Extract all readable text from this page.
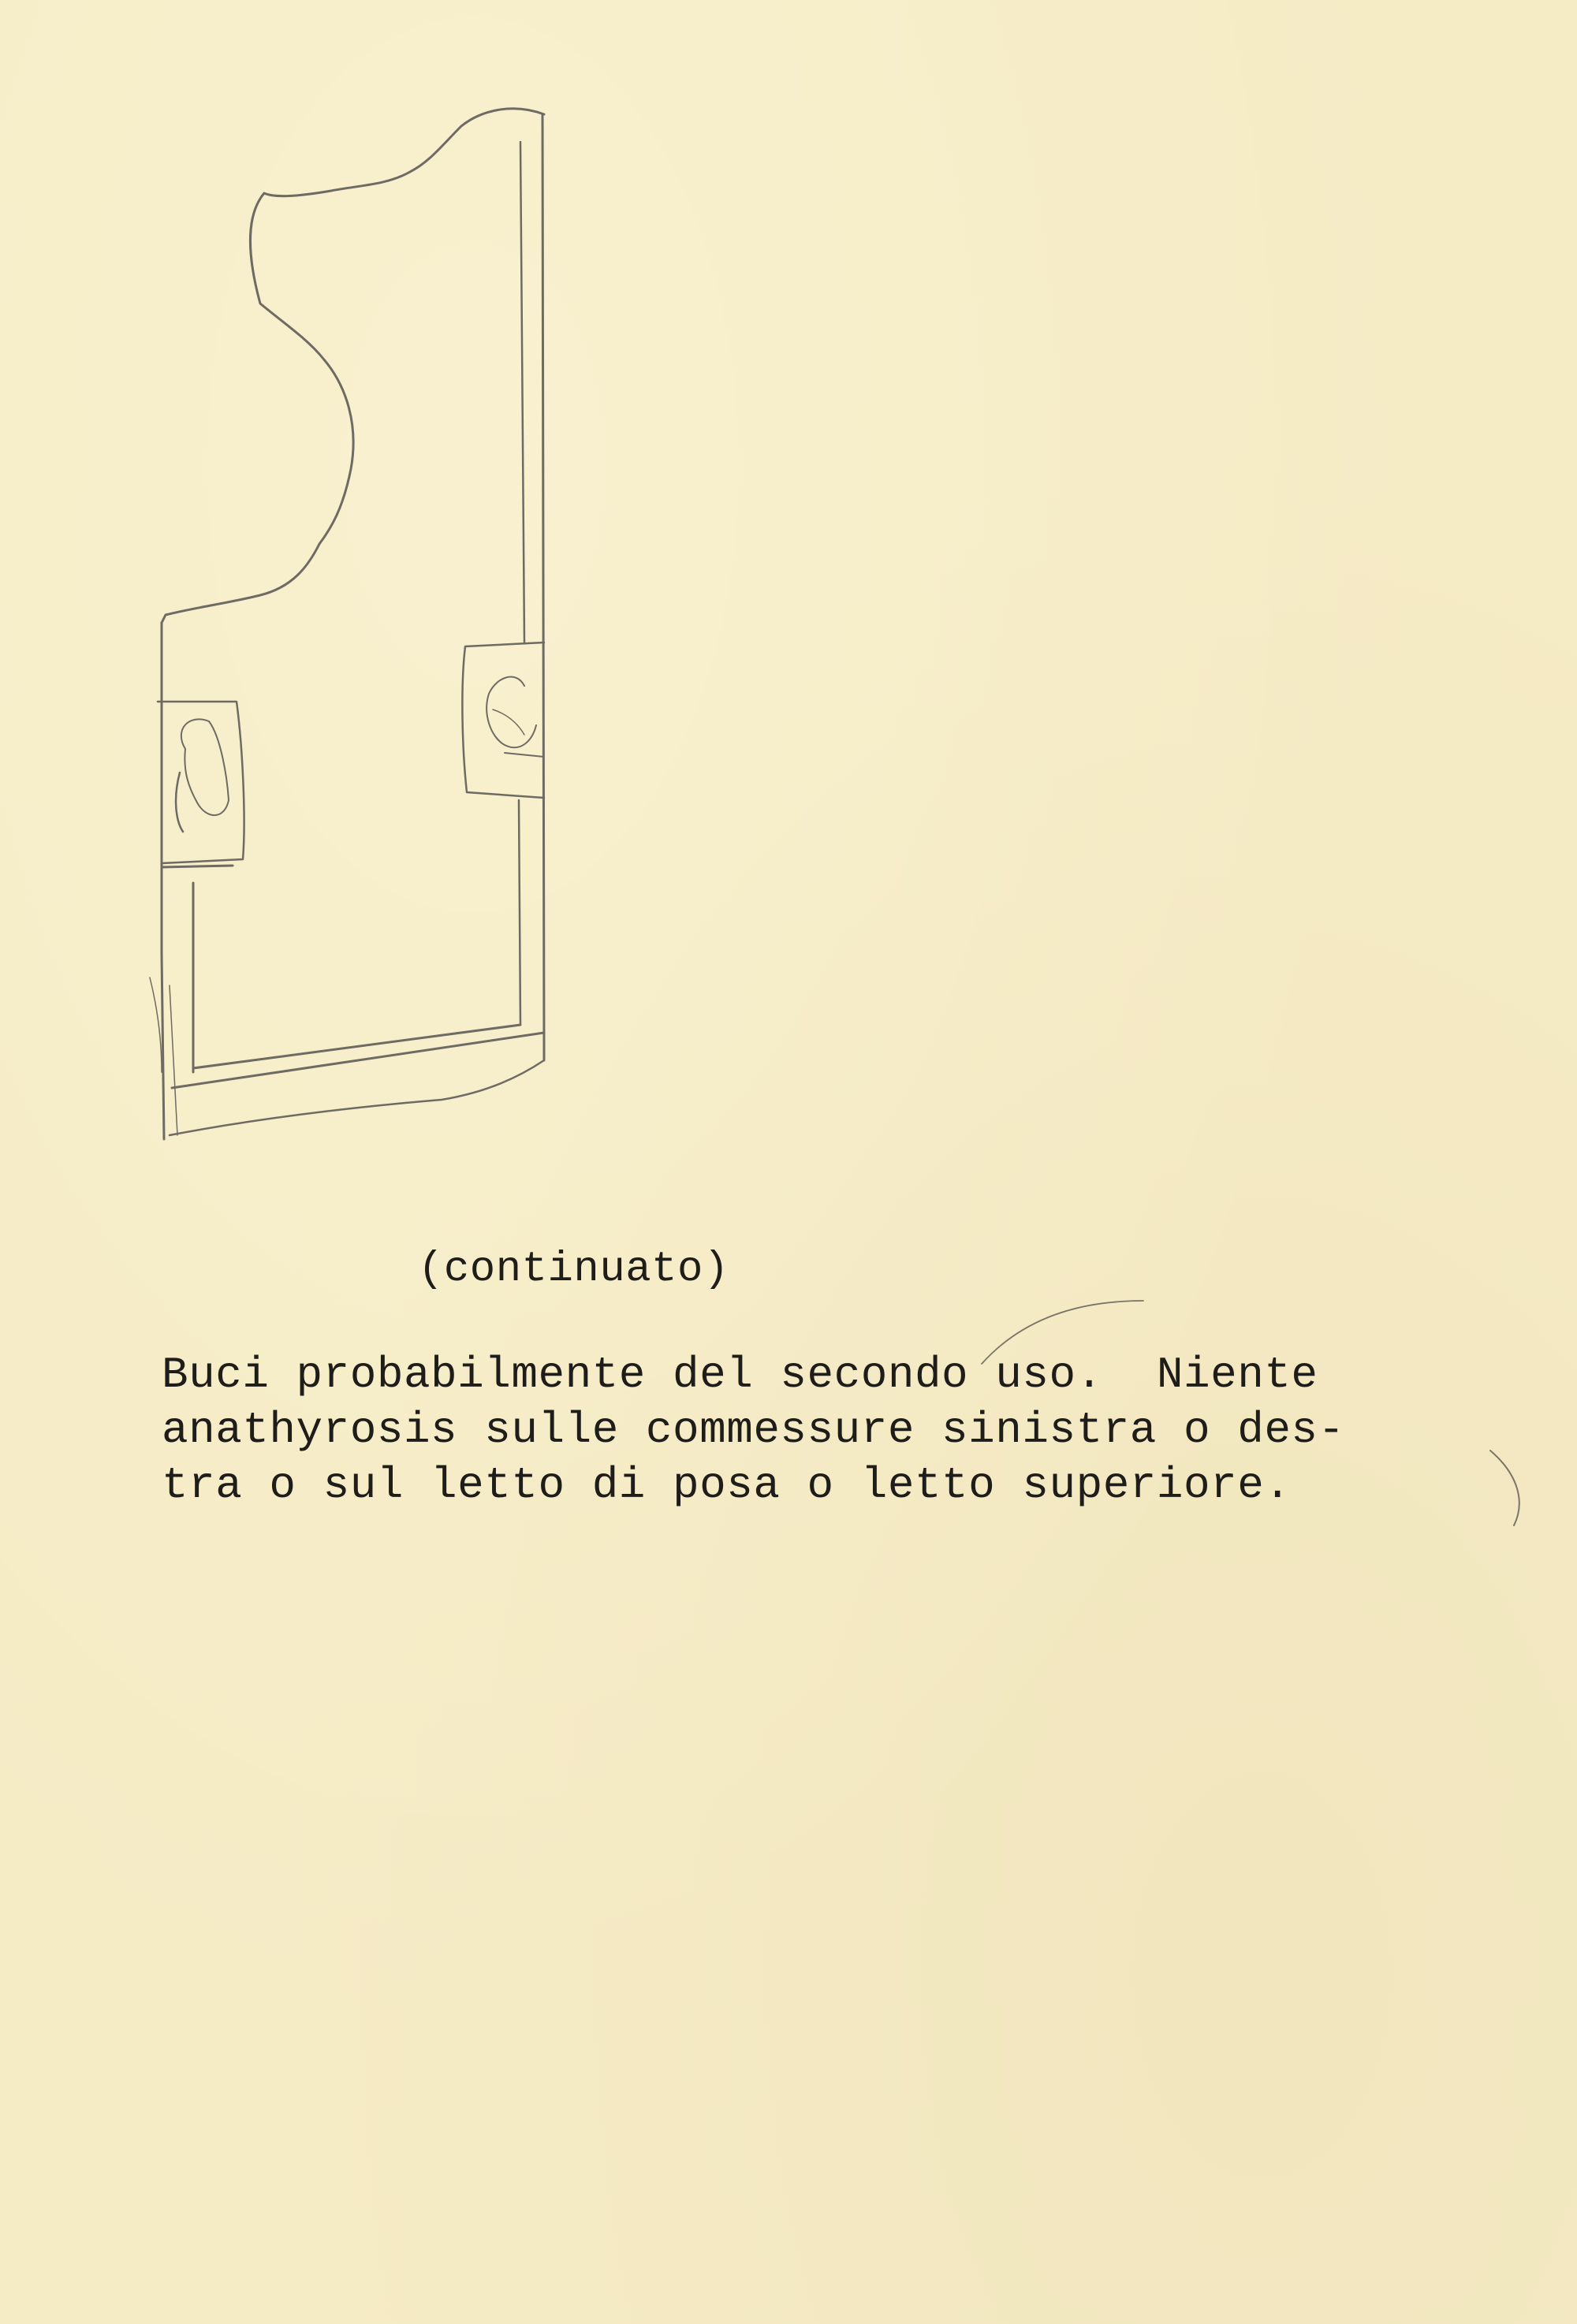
(continuato)

Buci probabilmente del secondo uso.  Niente

anathyrosis sulle commessure sinistra o des-

tra o sul letto di posa o letto superiore.
